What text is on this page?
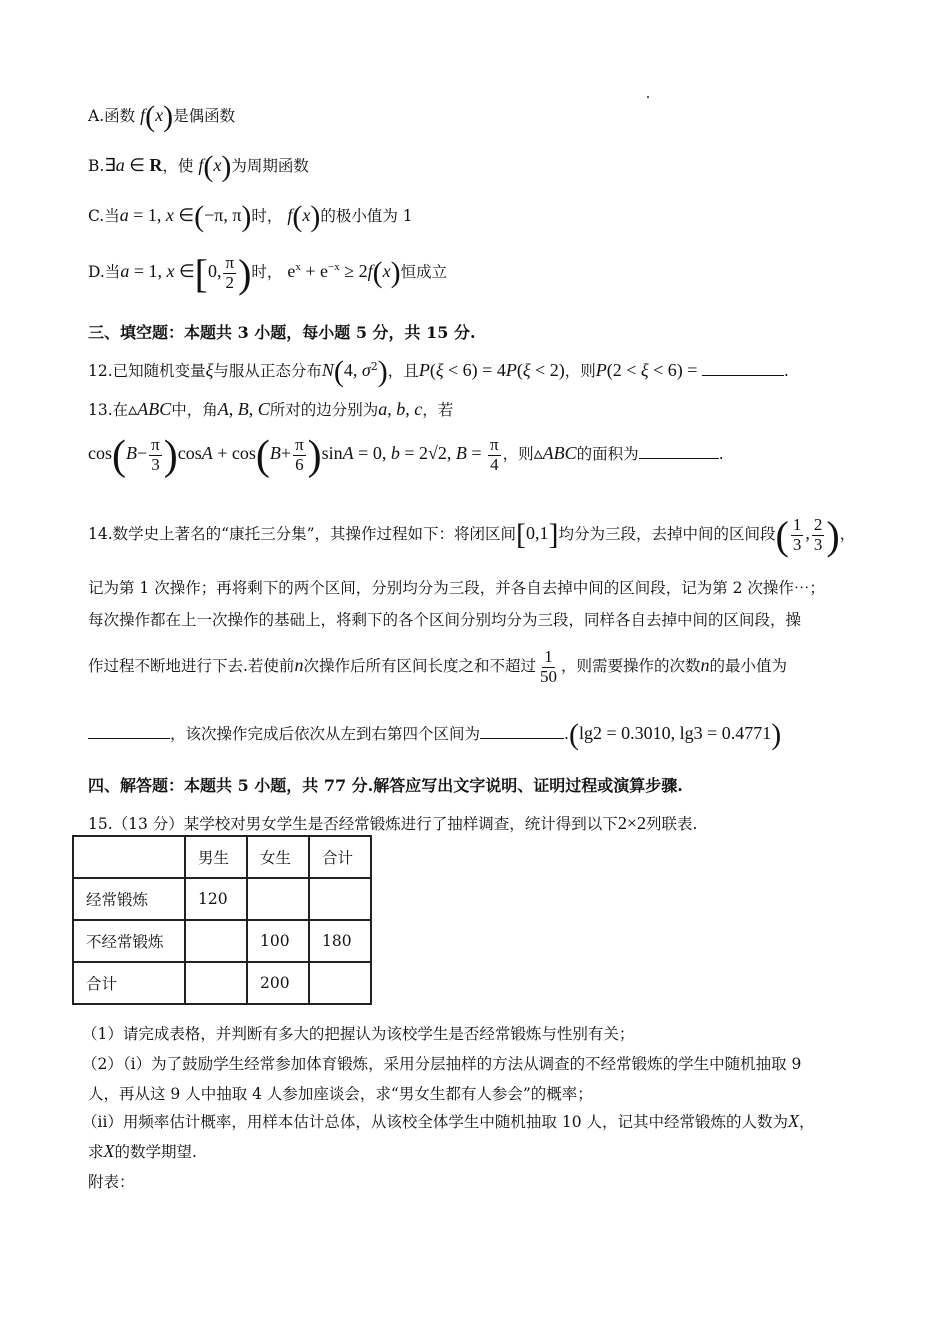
A.函数 f(x)是偶函数
B.∃a ∈ R，使 f(x)为周期函数
C.当a = 1, x ∈(−π, π)时， f(x)的极小值为 1
D.当a = 1, x ∈[0, $\frac{\pi}{2}$ )时， $e^x + e^{-x} \ge 2f(x)$恒成立
三、填空题：本题共 3 小题，每小题 5 分，共 15 分.
12.已知随机变量ξ与服从正态分布N(4, $\sigma^2$)，且P(ξ < 6) = 4P(ξ < 2)，则P(2 < ξ < 6) =	.
13.在▵ABC中，角A, B, C所对的边分别为a, b, c，若
$\cos(B- \frac{\pi}{3} )\cos A + \cos(B+ \frac{\pi}{6} )\sin A = 0$, b = 2√2, $B = \frac{\pi}{4}$ ，则▵ABC的面积为	.
14.数学史上著名的“康托三分集”，其操作过程如下：将闭区间[0,1]均分为三段，去掉中间的区间段( $\frac{1}{3}$ , $\frac{2}{3}$ )，
记为第 1 次操作；再将剩下的两个区间，分别均分为三段，并各自去掉中间的区间段，记为第 2 次操作⋯；
每次操作都在上一次操作的基础上，将剩下的各个区间分别均分为三段，同样各自去掉中间的区间段，操
作过程不断地进行下去.若使前n次操作后所有区间长度之和不超过 $\frac{1}{50}$ ，则需要操作的次数n的最小值为
，该次操作完成后依次从左到右第四个区间为	.(lg2 = 0.3010, lg3 = 0.4771)
四、解答题：本题共 5 小题，共 77 分.解答应写出文字说明、证明过程或演算步骤.
15.（13 分）某学校对男女学生是否经常锻炼进行了抽样调查，统计得到以下2×2列联表.
	男生	女生	合计
经常锻炼	120		
不经常锻炼		100	180
合计		200	
（1）请完成表格，并判断有多大的把握认为该校学生是否经常锻炼与性别有关；
（2）（i）为了鼓励学生经常参加体育锻炼，采用分层抽样的方法从调查的不经常锻炼的学生中随机抽取 9
人，再从这 9 人中抽取 4 人参加座谈会，求“男女生都有人参会”的概率；
（ii）用频率估计概率，用样本估计总体，从该校全体学生中随机抽取 10 人，记其中经常锻炼的人数为X，
求X的数学期望.
附表：
